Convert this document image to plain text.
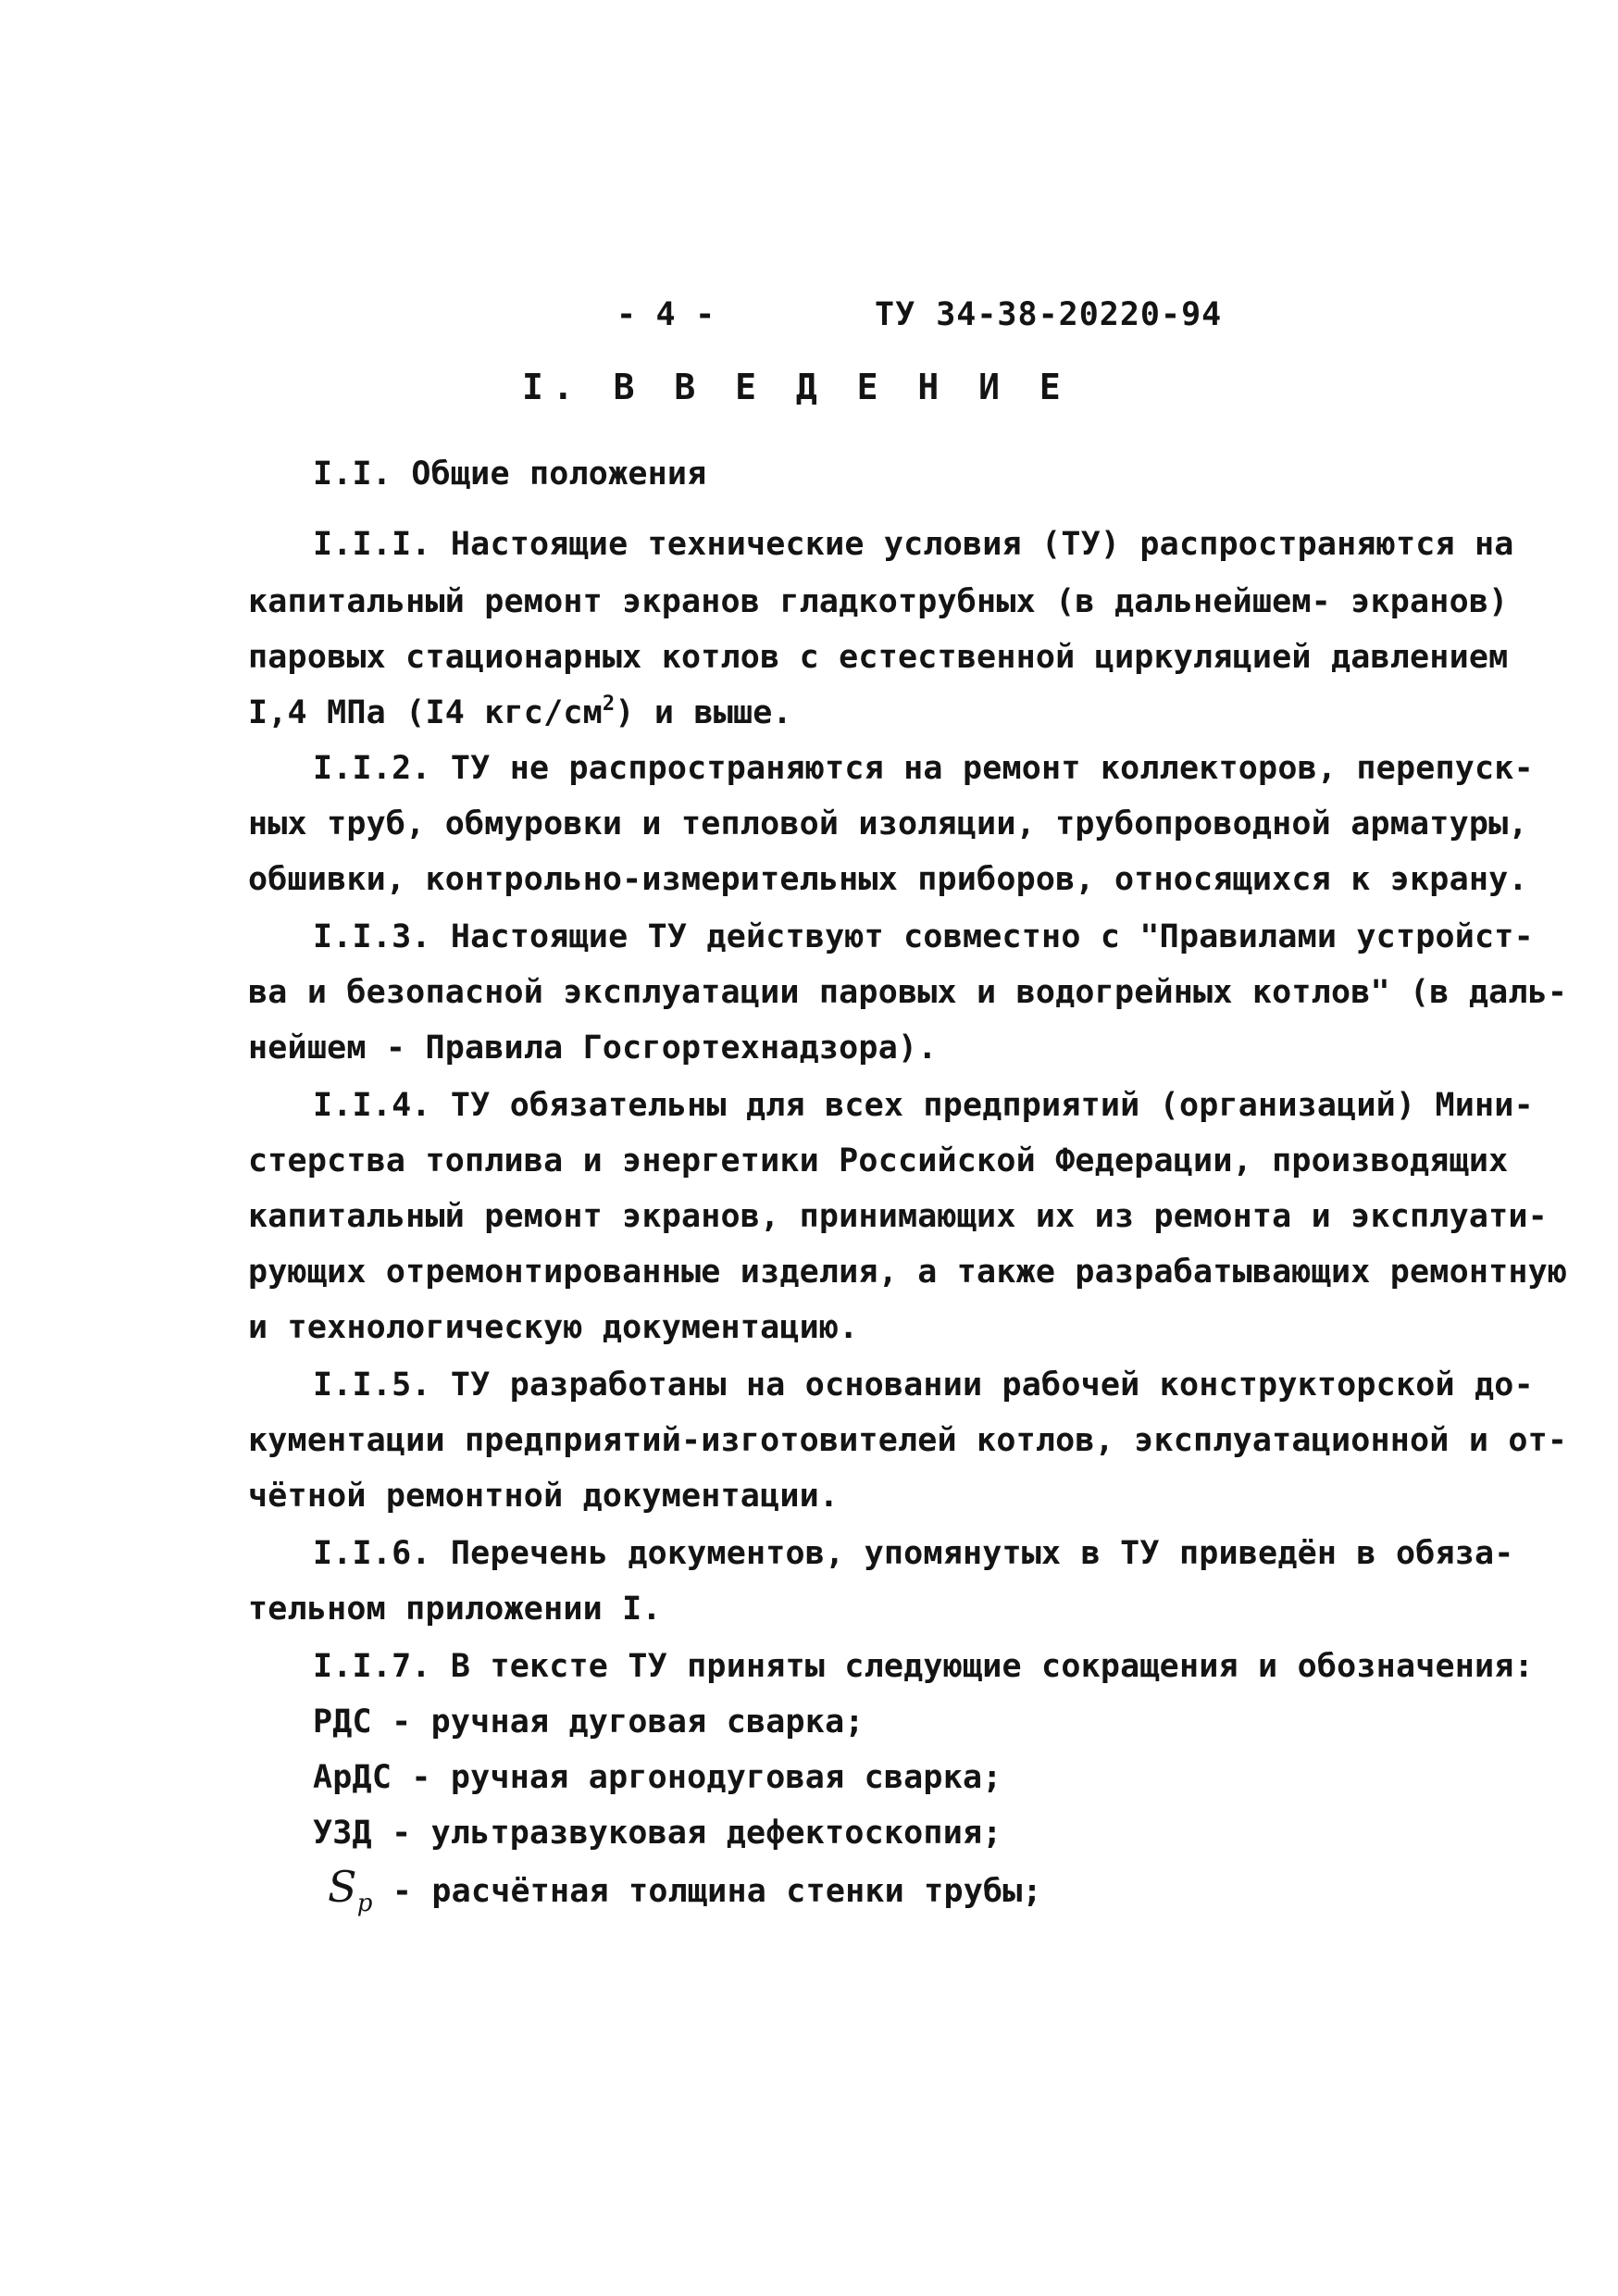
- 4 -	ТУ 34-38-20220-94
I. В В Е Д Е Н И Е
I.I. Общие положения
I.I.I. Настоящие технические условия (ТУ) распространяются на
капитальный ремонт экранов гладкотрубных (в дальнейшем- экранов)
паровых стационарных котлов с естественной циркуляцией давлением
I,4 МПа (I4 кгс/$см^2$) и выше.
I.I.2. ТУ не распространяются на ремонт коллекторов, перепуск-
ных труб, обмуровки и тепловой изоляции, трубопроводной арматуры,
обшивки, контрольно-измерительных приборов, относящихся к экрану.
I.I.3. Настоящие ТУ действуют совместно с "Правилами устройст-
ва и безопасной эксплуатации паровых и водогрейных котлов" (в даль-
нейшем - Правила Госгортехнадзора).
I.I.4. ТУ обязательны для всех предприятий (организаций) Мини-
стерства топлива и энергетики Российской Федерации, производящих
капитальный ремонт экранов, принимающих их из ремонта и эксплуати-
рующих отремонтированные изделия, а также разрабатывающих ремонтную
и технологическую документацию.
I.I.5. ТУ разработаны на основании рабочей конструкторской до-
кументации предприятий-изготовителей котлов, эксплуатационной и от-
чётной ремонтной документации.
I.I.6. Перечень документов, упомянутых в ТУ приведён в обяза-
тельном приложении I.
I.I.7. В тексте ТУ приняты следующие сокращения и обозначения:
РДС - ручная дуговая сварка;
АрДС - ручная аргонодуговая сварка;
УЗД - ультразвуковая дефектоскопия;
$S_р$ - расчётная толщина стенки трубы;
